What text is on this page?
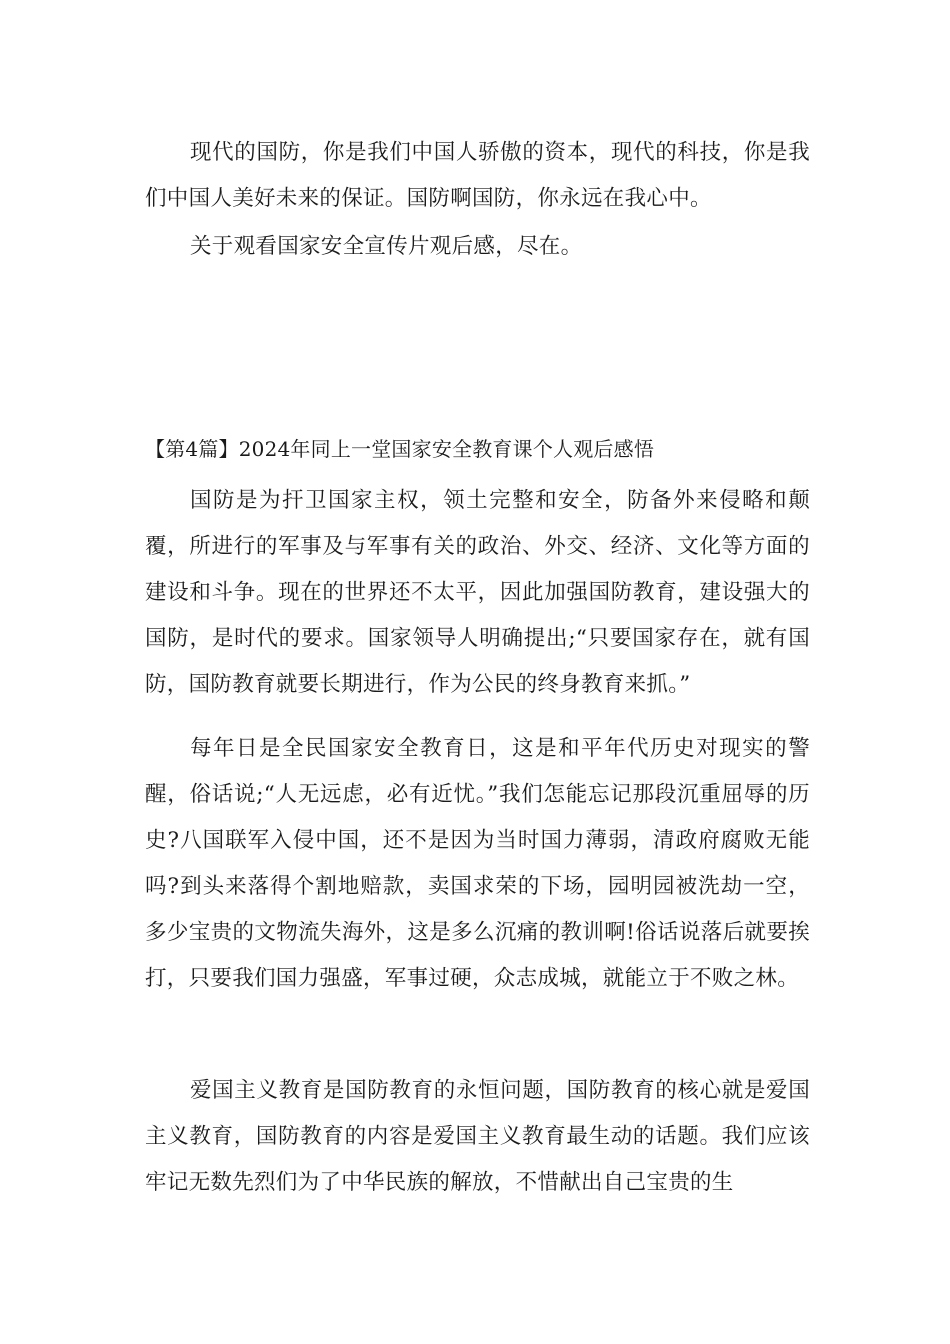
现代的国防，你是我们中国人骄傲的资本，现代的科技，你是我们中国人美好未来的保证。国防啊国防，你永远在我心中。

关于观看国家安全宣传片观后感，尽在。

【第4篇】2024年同上一堂国家安全教育课个人观后感悟

国防是为扞卫国家主权，领土完整和安全，防备外来侵略和颠覆，所进行的军事及与军事有关的政治、外交、经济、文化等方面的建设和斗争。现在的世界还不太平，因此加强国防教育，建设强大的国防，是时代的要求。国家领导人明确提出;“只要国家存在，就有国防，国防教育就要长期进行，作为公民的终身教育来抓。”

每年日是全民国家安全教育日，这是和平年代历史对现实的警醒，俗话说;“人无远虑，必有近忧。”我们怎能忘记那段沉重屈辱的历史?八国联军入侵中国，还不是因为当时国力薄弱，清政府腐败无能吗?到头来落得个割地赔款，卖国求荣的下场，园明园被洗劫一空，多少宝贵的文物流失海外，这是多么沉痛的教训啊!俗话说落后就要挨打，只要我们国力强盛，军事过硬，众志成城，就能立于不败之林。

爱国主义教育是国防教育的永恒问题，国防教育的核心就是爱国主义教育，国防教育的内容是爱国主义教育最生动的话题。我们应该牢记无数先烈们为了中华民族的解放，不惜献出自己宝贵的生
